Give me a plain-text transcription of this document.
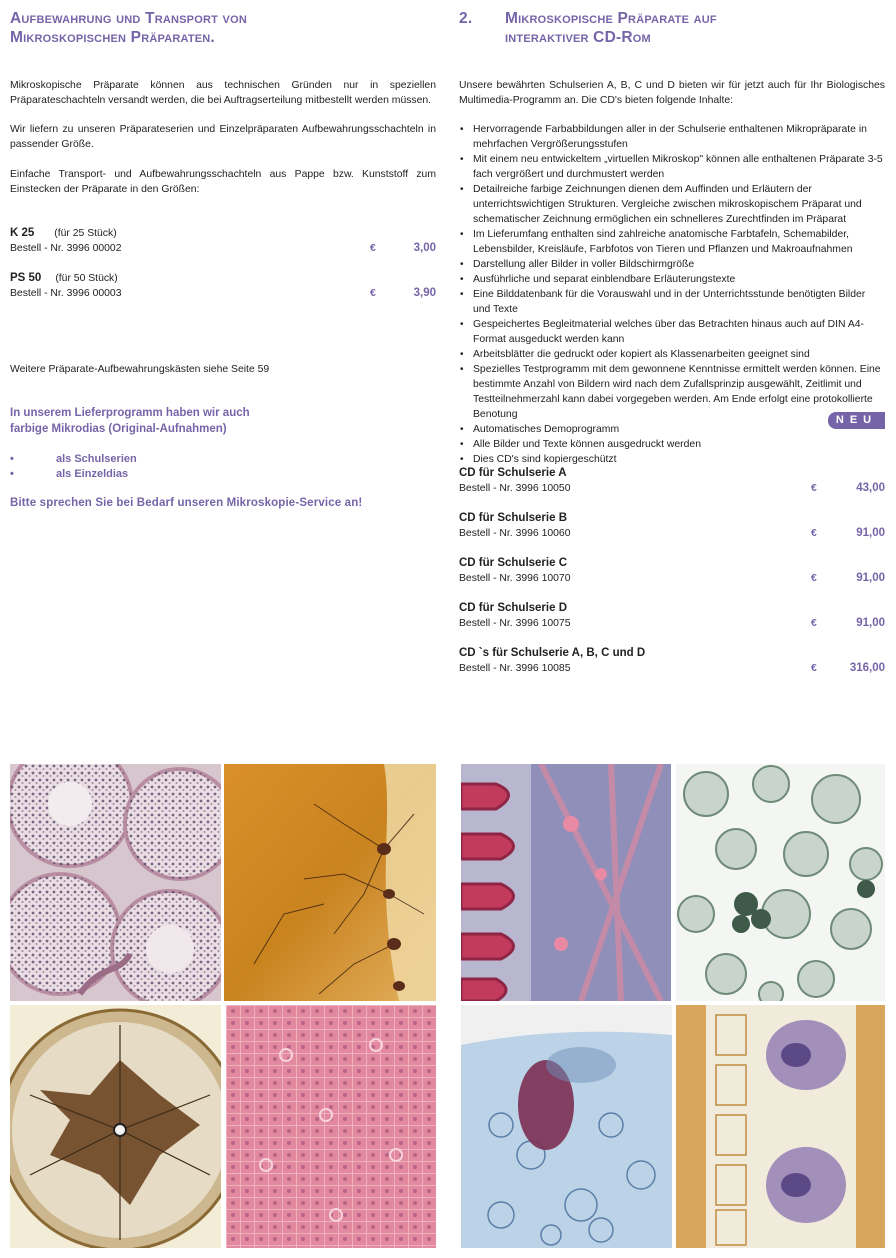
Aufbewahrung und Transport von
Mikroskopischen Präparaten.

Mikroskopische Präparate können aus technischen Gründen nur in speziellen Präparateschachteln versandt werden, die bei Auftragserteilung mitbestellt werden müssen.

Wir liefern zu unseren Präparateserien und Einzelpräparaten Aufbewahrungsschachteln in passender Größe.

Einfache Transport- und Aufbewahrungsschachteln aus Pappe bzw. Kunststoff zum Einstecken der Präparate in den Größen:

K 25 (für 25 Stück)
Bestell - Nr. 3996 00002	€	3,00
PS 50 (für 50 Stück)
Bestell - Nr. 3996 00003	€	3,90

Weitere Präparate-Aufbewahrungskästen siehe Seite 59

In unserem Lieferprogramm haben wir auch
farbige Mikrodias (Original-Aufnahmen)
•	als Schulserien
•	als Einzeldias
Bitte sprechen Sie bei Bedarf unseren Mikroskopie-Service an!
2.	Mikroskopische Präparate auf
interaktiver CD-Rom

Unsere bewährten Schulserien A, B, C und D bieten wir für jetzt auch für Ihr Biologisches Multimedia-Programm an. Die CD's bieten folgende Inhalte:

• Hervorragende Farbabbildungen aller in der Schulserie enthaltenen Mikropräparate in mehrfachen Vergrößerungsstufen
• Mit einem neu entwickeltem „virtuellen Mikroskop" können alle enthaltenen Präparate 3-5 fach vergrößert und durchmustert werden
• Detailreiche farbige Zeichnungen dienen dem Auffinden und Erläutern der unterrichtswichtigen Strukturen. Vergleiche zwischen mikroskopischem Präparat und schematischer Zeichnung ermöglichen ein schnelleres Zurechtfinden im Präparat
• Im Lieferumfang enthalten sind zahlreiche anatomische Farbtafeln, Schemabilder, Lebensbilder, Kreisläufe, Farbfotos von Tieren und Pflanzen und Makroaufnahmen
• Darstellung aller Bilder in voller Bildschirmgröße
• Ausführliche und separat einblendbare Erläuterungstexte
• Eine Bilddatenbank für die Vorauswahl und in der Unterrichtsstunde benötigten Bilder und Texte
• Gespeichertes Begleitmaterial welches über das Betrachten hinaus auch auf DIN A4-Format ausgeduckt werden kann
• Arbeitsblätter die gedruckt oder kopiert als Klassenarbeiten geeignet sind
• Spezielles Testprogramm mit dem gewonnene Kenntnisse ermittelt werden können. Eine bestimmte Anzahl von Bildern wird nach dem Zufallsprinzip ausgewählt, Zeitlimit und Testteilnehmerzahl kann dabei vorgegeben werden. Am Ende erfolgt eine protokollierte Benotung
• Automatisches Demoprogramm
• Alle Bilder und Texte können ausgedruckt werden
• Dies CD's sind kopiergeschützt
CD für Schulserie A
Bestell - Nr. 3996 10050	€	43,00
CD für Schulserie B
Bestell - Nr. 3996 10060	€	91,00
CD für Schulserie C
Bestell - Nr. 3996 10070	€	91,00
CD für Schulserie D
Bestell - Nr. 3996 10075	€	91,00
CD `s für Schulserie A, B, C und D
Bestell - Nr. 3996 10085	€	316,00
NEU
